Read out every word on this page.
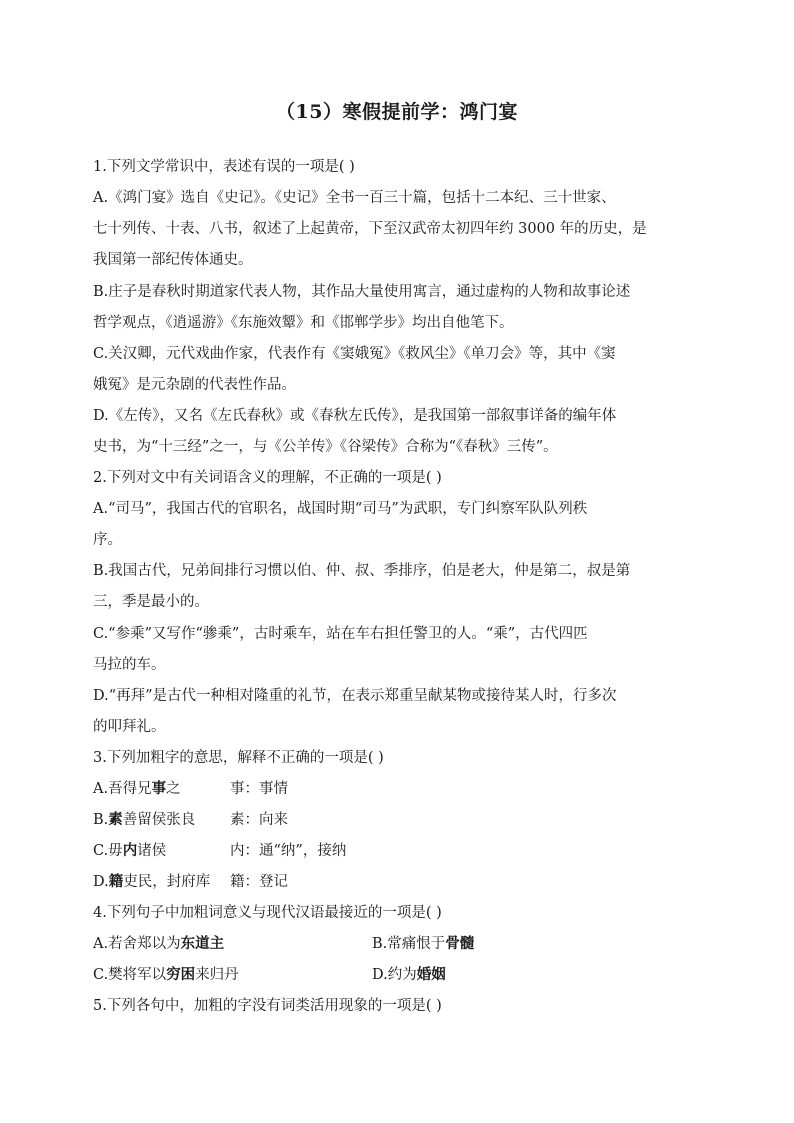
（15）寒假提前学：鸿门宴
1.下列文学常识中，表述有误的一项是( )
A.《鸿门宴》选自《史记》。《史记》全书一百三十篇，包括十二本纪、三十世家、
七十列传、十表、八书，叙述了上起黄帝，下至汉武帝太初四年约 3000 年的历史，是
我国第一部纪传体通史。
B.庄子是春秋时期道家代表人物，其作品大量使用寓言，通过虚构的人物和故事论述
哲学观点，《逍遥游》《东施效颦》和《邯郸学步》均出自他笔下。
C.关汉卿，元代戏曲作家，代表作有《窦娥冤》《救风尘》《单刀会》等，其中《窦
娥冤》是元杂剧的代表性作品。
D.《左传》，又名《左氏春秋》或《春秋左氏传》，是我国第一部叙事详备的编年体
史书，为“十三经”之一，与《公羊传》《谷梁传》合称为“《春秋》三传”。
2.下列对文中有关词语含义的理解，不正确的一项是( )
A.“司马”，我国古代的官职名，战国时期“司马”为武职，专门纠察军队队列秩
序。
B.我国古代，兄弟间排行习惯以伯、仲、叔、季排序，伯是老大，仲是第二，叔是第
三，季是最小的。
C.“参乘”又写作“骖乘”，古时乘车，站在车右担任警卫的人。“乘”，古代四匹
马拉的车。
D.“再拜”是古代一种相对隆重的礼节，在表示郑重呈献某物或接待某人时，行多次
的叩拜礼。
3.下列加粗字的意思，解释不正确的一项是( )
A.吾得兄事之	事：事情
B.素善留侯张良 素：向来
C.毋内诸侯	内：通“纳”，接纳
D.籍吏民，封府库 籍：登记
4.下列句子中加粗词意义与现代汉语最接近的一项是( )
A.若舍郑以为东道主	B.常痛恨于骨髓
C.樊将军以穷困来归丹	D.约为婚姻
5.下列各句中，加粗的字没有词类活用现象的一项是( )
